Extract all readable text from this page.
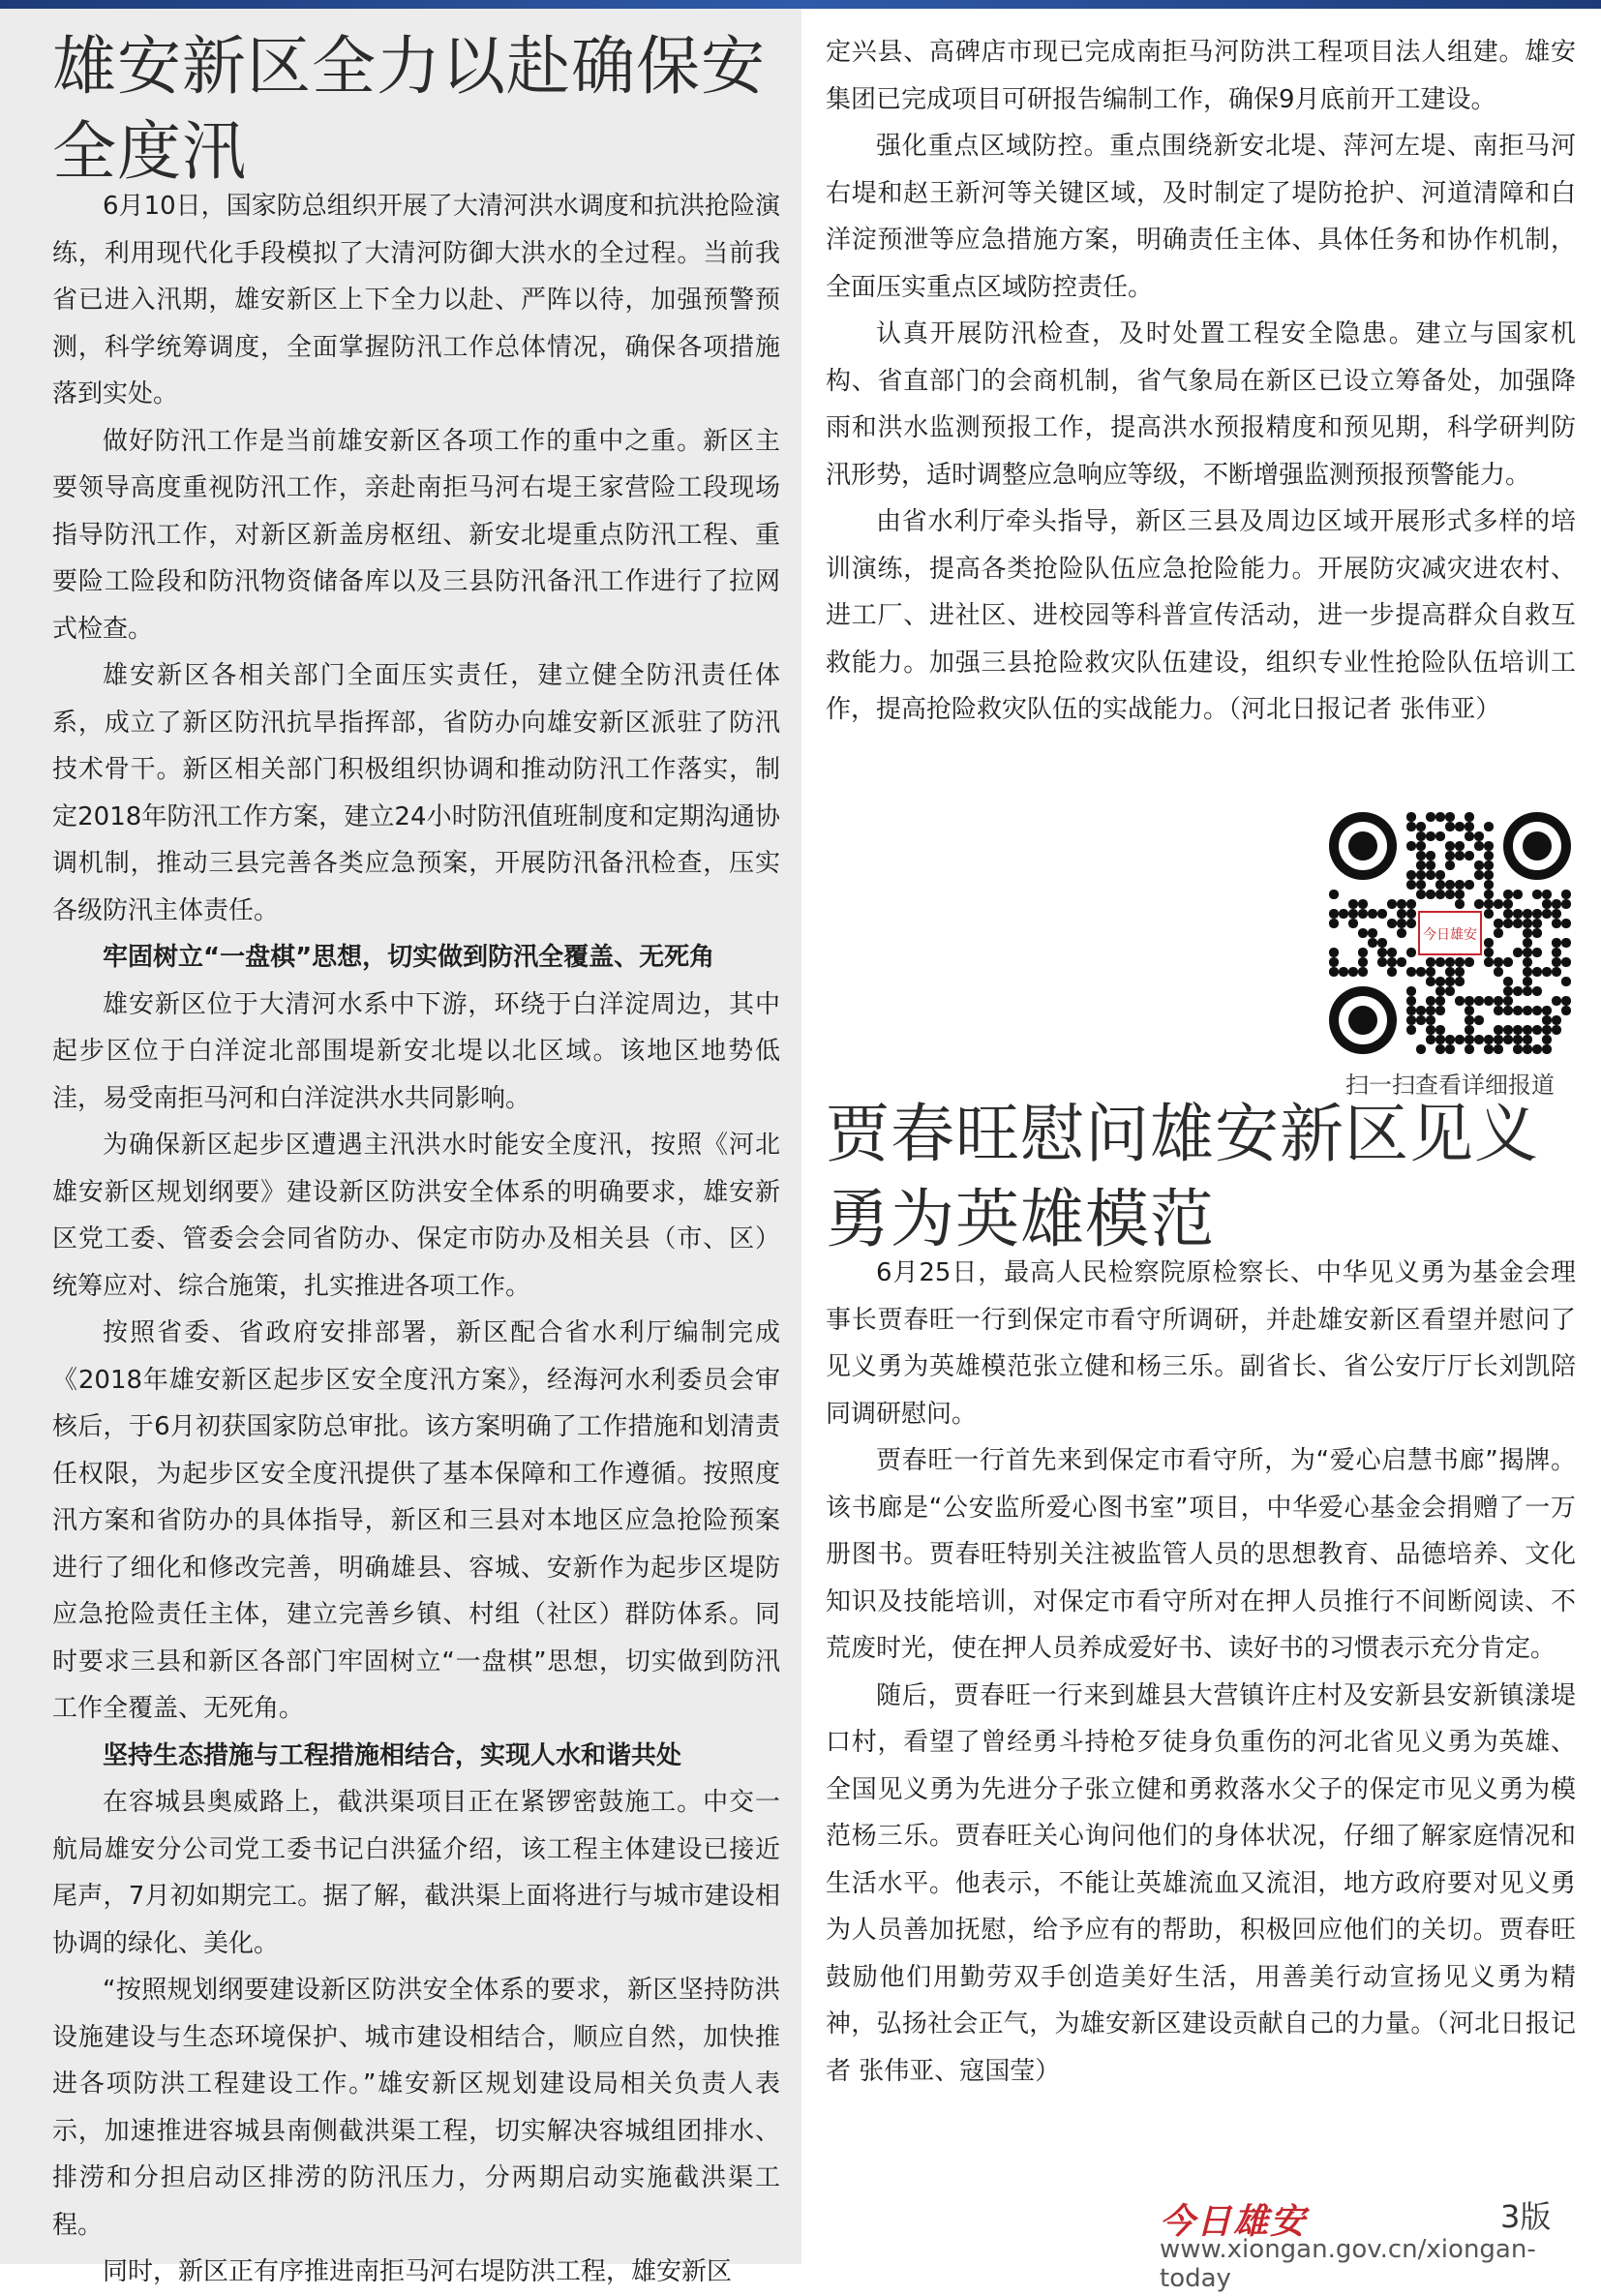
雄安新区全力以赴确保安全度汛

6月10日，国家防总组织开展了大清河洪水调度和抗洪抢险演练，利用现代化手段模拟了大清河防御大洪水的全过程。当前我省已进入汛期，雄安新区上下全力以赴、严阵以待，加强预警预测，科学统筹调度，全面掌握防汛工作总体情况，确保各项措施落到实处。

做好防汛工作是当前雄安新区各项工作的重中之重。新区主要领导高度重视防汛工作，亲赴南拒马河右堤王家营险工段现场指导防汛工作，对新区新盖房枢纽、新安北堤重点防汛工程、重要险工险段和防汛物资储备库以及三县防汛备汛工作进行了拉网式检查。

雄安新区各相关部门全面压实责任，建立健全防汛责任体系，成立了新区防汛抗旱指挥部，省防办向雄安新区派驻了防汛技术骨干。新区相关部门积极组织协调和推动防汛工作落实，制定2018年防汛工作方案，建立24小时防汛值班制度和定期沟通协调机制，推动三县完善各类应急预案，开展防汛备汛检查，压实各级防汛主体责任。

牢固树立“一盘棋”思想，切实做到防汛全覆盖、无死角

雄安新区位于大清河水系中下游，环绕于白洋淀周边，其中起步区位于白洋淀北部围堤新安北堤以北区域。该地区地势低洼，易受南拒马河和白洋淀洪水共同影响。

为确保新区起步区遭遇主汛洪水时能安全度汛，按照《河北雄安新区规划纲要》建设新区防洪安全体系的明确要求，雄安新区党工委、管委会会同省防办、保定市防办及相关县（市、区）统筹应对、综合施策，扎实推进各项工作。

按照省委、省政府安排部署，新区配合省水利厅编制完成《2018年雄安新区起步区安全度汛方案》，经海河水利委员会审核后，于6月初获国家防总审批。该方案明确了工作措施和划清责任权限，为起步区安全度汛提供了基本保障和工作遵循。按照度汛方案和省防办的具体指导，新区和三县对本地区应急抢险预案进行了细化和修改完善，明确雄县、容城、安新作为起步区堤防应急抢险责任主体，建立完善乡镇、村组（社区）群防体系。同时要求三县和新区各部门牢固树立“一盘棋”思想，切实做到防汛工作全覆盖、无死角。

坚持生态措施与工程措施相结合，实现人水和谐共处

在容城县奥威路上，截洪渠项目正在紧锣密鼓施工。中交一航局雄安分公司党工委书记白洪猛介绍，该工程主体建设已接近尾声，7月初如期完工。据了解，截洪渠上面将进行与城市建设相协调的绿化、美化。

“按照规划纲要建设新区防洪安全体系的要求，新区坚持防洪设施建设与生态环境保护、城市建设相结合，顺应自然，加快推进各项防洪工程建设工作。”雄安新区规划建设局相关负责人表示，加速推进容城县南侧截洪渠工程，切实解决容城组团排水、排涝和分担启动区排涝的防汛压力，分两期启动实施截洪渠工程。

同时，新区正有序推进南拒马河右堤防洪工程，雄安新区

定兴县、高碑店市现已完成南拒马河防洪工程项目法人组建。雄安集团已完成项目可研报告编制工作，确保9月底前开工建设。

强化重点区域防控。重点围绕新安北堤、萍河左堤、南拒马河右堤和赵王新河等关键区域，及时制定了堤防抢护、河道清障和白洋淀预泄等应急措施方案，明确责任主体、具体任务和协作机制，全面压实重点区域防控责任。

认真开展防汛检查，及时处置工程安全隐患。建立与国家机构、省直部门的会商机制，省气象局在新区已设立筹备处，加强降雨和洪水监测预报工作，提高洪水预报精度和预见期，科学研判防汛形势，适时调整应急响应等级，不断增强监测预报预警能力。

由省水利厅牵头指导，新区三县及周边区域开展形式多样的培训演练，提高各类抢险队伍应急抢险能力。开展防灾减灾进农村、进工厂、进社区、进校园等科普宣传活动，进一步提高群众自救互救能力。加强三县抢险救灾队伍建设，组织专业性抢险队伍培训工作，提高抢险救灾队伍的实战能力。（河北日报记者 张伟亚）

今日雄安
扫一扫查看详细报道
贾春旺慰问雄安新区见义勇为英雄模范

6月25日，最高人民检察院原检察长、中华见义勇为基金会理事长贾春旺一行到保定市看守所调研，并赴雄安新区看望并慰问了见义勇为英雄模范张立健和杨三乐。副省长、省公安厅厅长刘凯陪同调研慰问。

贾春旺一行首先来到保定市看守所，为“爱心启慧书廊”揭牌。该书廊是“公安监所爱心图书室”项目，中华爱心基金会捐赠了一万册图书。贾春旺特别关注被监管人员的思想教育、品德培养、文化知识及技能培训，对保定市看守所对在押人员推行不间断阅读、不荒废时光，使在押人员养成爱好书、读好书的习惯表示充分肯定。

随后，贾春旺一行来到雄县大营镇许庄村及安新县安新镇漾堤口村，看望了曾经勇斗持枪歹徒身负重伤的河北省见义勇为英雄、全国见义勇为先进分子张立健和勇救落水父子的保定市见义勇为模范杨三乐。贾春旺关心询问他们的身体状况，仔细了解家庭情况和生活水平。他表示，不能让英雄流血又流泪，地方政府要对见义勇为人员善加抚慰，给予应有的帮助，积极回应他们的关切。贾春旺鼓励他们用勤劳双手创造美好生活，用善美行动宣扬见义勇为精神，弘扬社会正气，为雄安新区建设贡献自己的力量。（河北日报记者 张伟亚、寇国莹）

今日雄安	3版
www.xiongan.gov.cn/xiongan-today
